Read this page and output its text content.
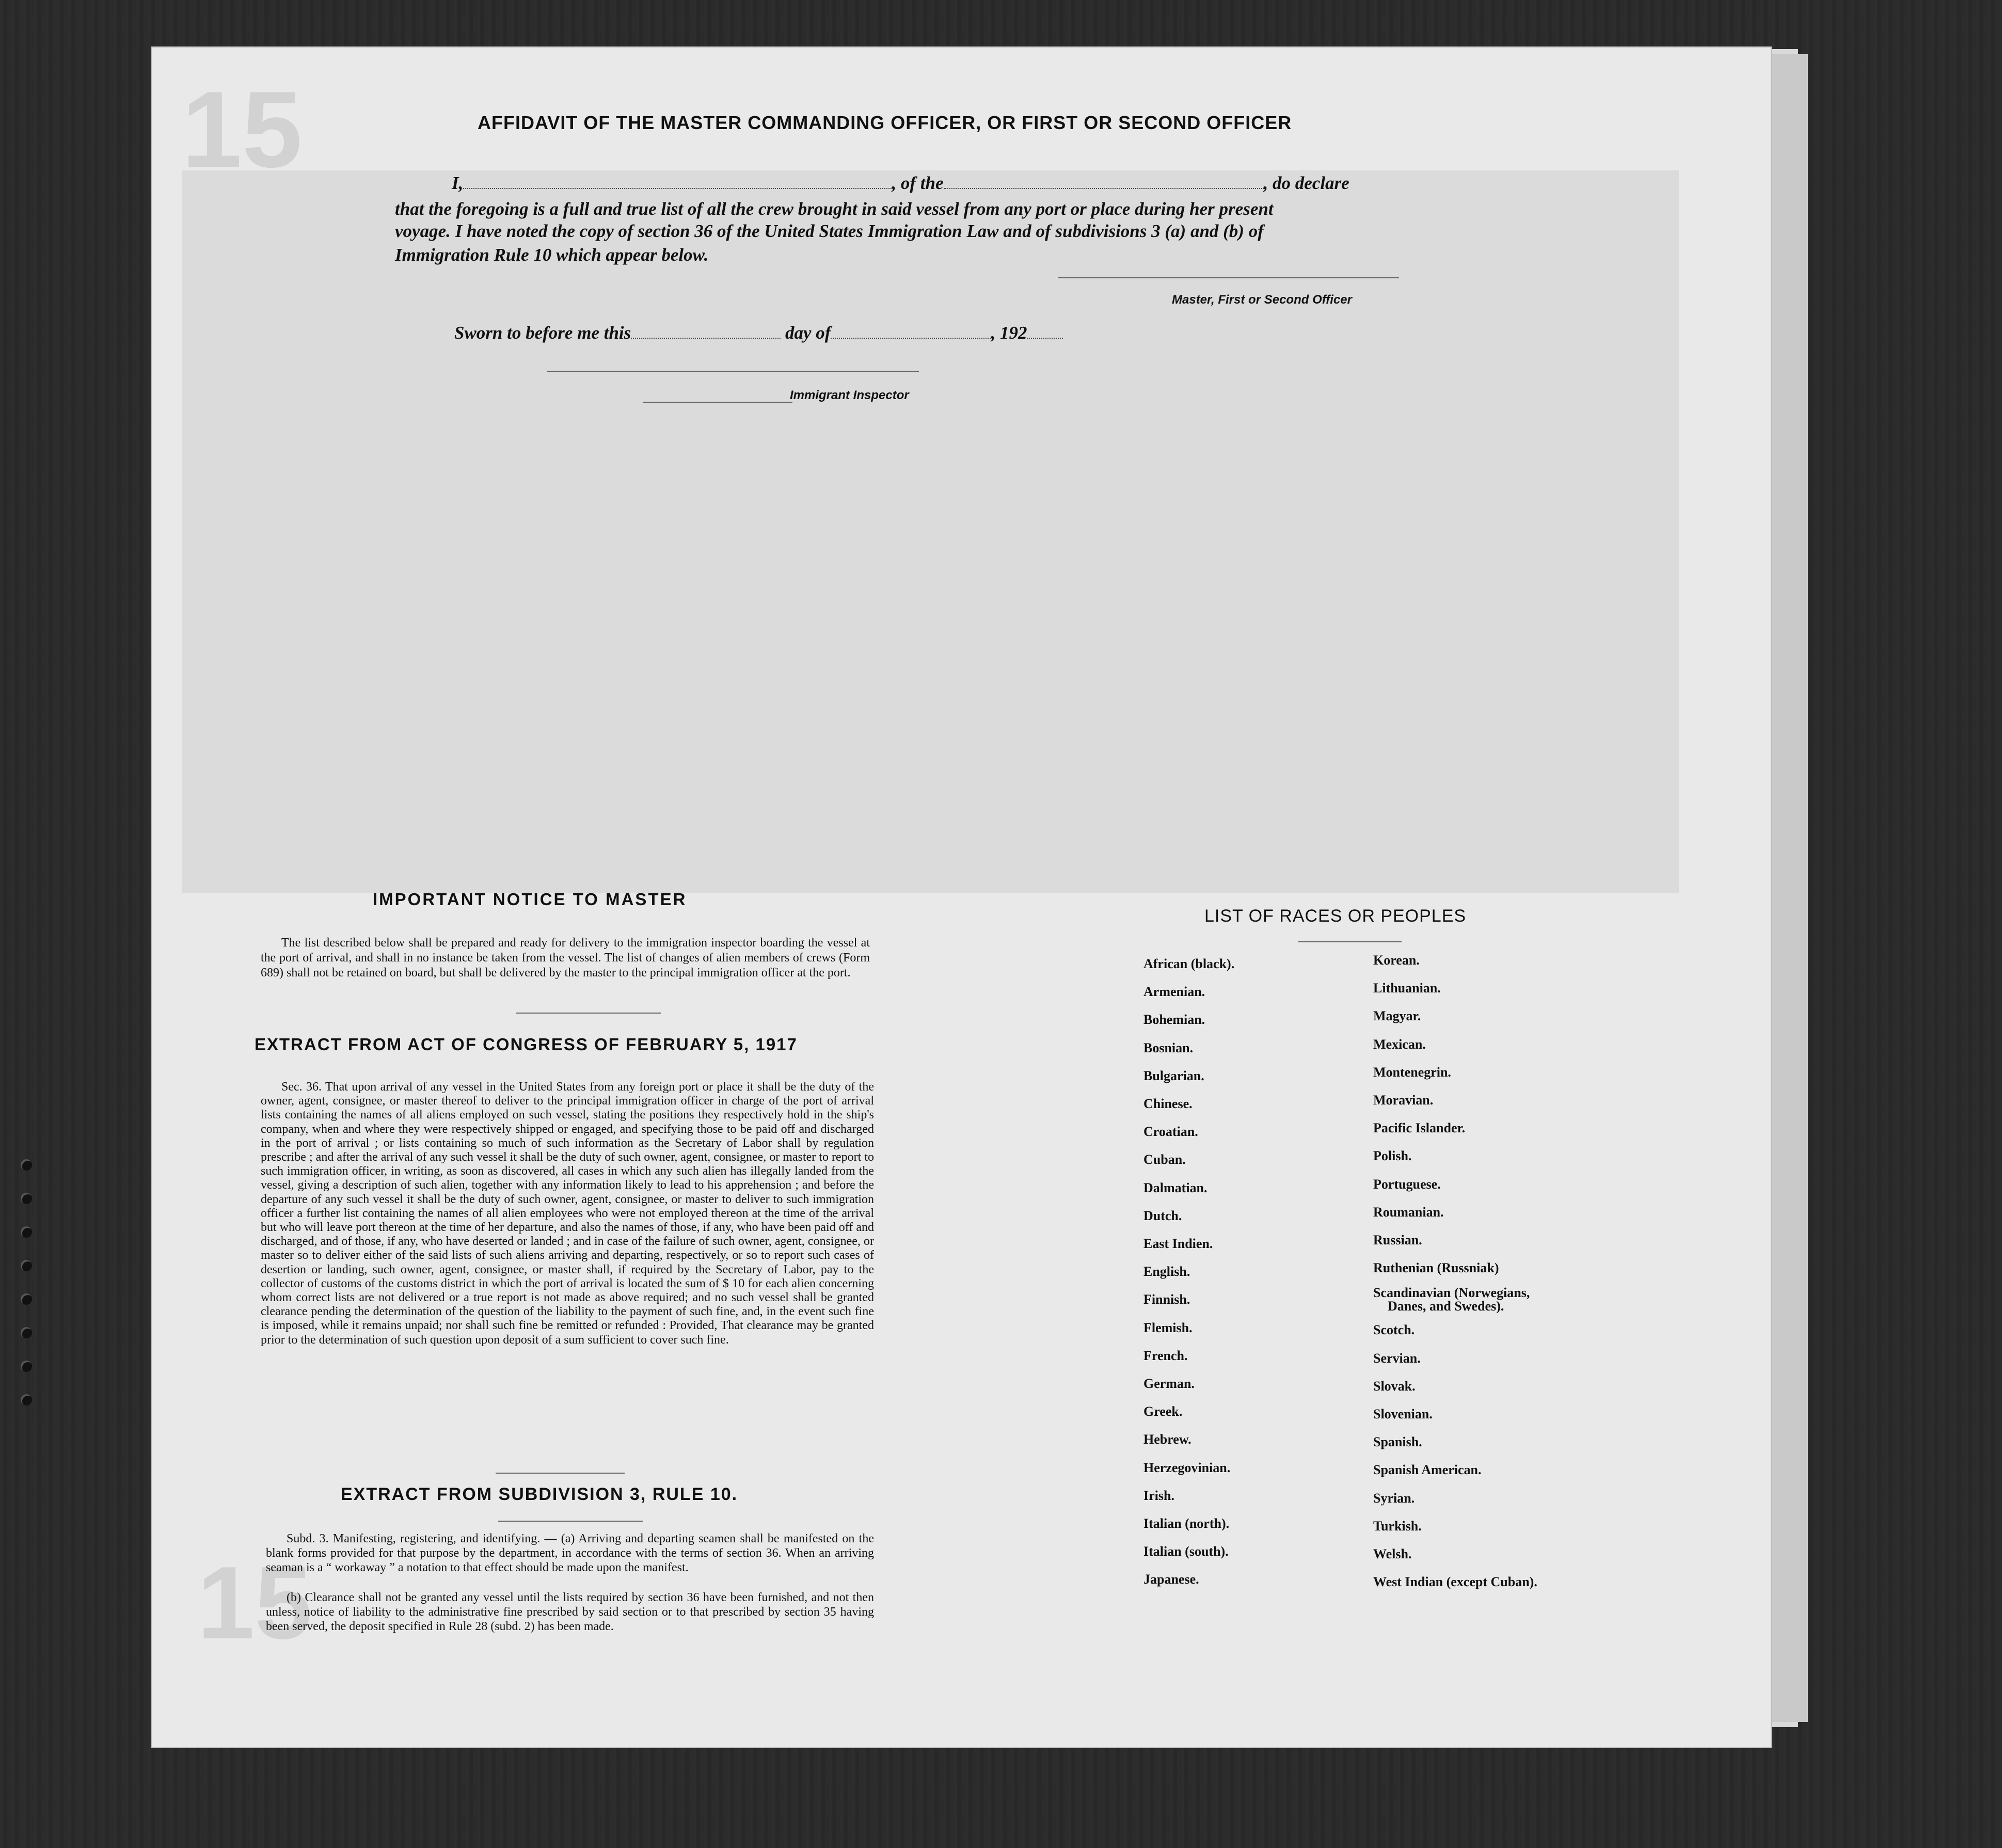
15
15
AFFIDAVIT OF THE MASTER COMMANDING OFFICER, OR FIRST OR SECOND OFFICER
I,	, of the	, do declare
that the foregoing is a full and true list of all the crew brought in said vessel from any port or place during her present
voyage. I have noted the copy of section 36 of the United States Immigration Law and of subdivisions 3 (a) and (b) of
Immigration Rule 10 which appear below.
Master, First or Second Officer
Sworn to before me this	day of	, 192
Immigrant Inspector
IMPORTANT NOTICE TO MASTER
The list described below shall be prepared and ready for delivery to the immigration inspector boarding the vessel at the port of arrival, and shall in no instance be taken from the vessel. The list of changes of alien members of crews (Form 689) shall not be retained on board, but shall be delivered by the master to the principal immigration officer at the port.
EXTRACT FROM ACT OF CONGRESS OF FEBRUARY 5, 1917
Sec. 36. That upon arrival of any vessel in the United States from any foreign port or place it shall be the duty of the owner, agent, consignee, or master thereof to deliver to the principal immigration officer in charge of the port of arrival lists containing the names of all aliens employed on such vessel, stating the positions they respectively hold in the ship's company, when and where they were respectively shipped or engaged, and specifying those to be paid off and discharged in the port of arrival ; or lists containing so much of such information as the Secretary of Labor shall by regulation prescribe ; and after the arrival of any such vessel it shall be the duty of such owner, agent, consignee, or master to report to such immigration officer, in writing, as soon as discovered, all cases in which any such alien has illegally landed from the vessel, giving a description of such alien, together with any information likely to lead to his apprehension ; and before the departure of any such vessel it shall be the duty of such owner, agent, consignee, or master to deliver to such immigration officer a further list containing the names of all alien employees who were not employed thereon at the time of the arrival but who will leave port thereon at the time of her departure, and also the names of those, if any, who have been paid off and discharged, and of those, if any, who have deserted or landed ; and in case of the failure of such owner, agent, consignee, or master so to deliver either of the said lists of such aliens arriving and departing, respectively, or so to report such cases of desertion or landing, such owner, agent, consignee, or master shall, if required by the Secretary of Labor, pay to the collector of customs of the customs district in which the port of arrival is located the sum of $ 10 for each alien concerning whom correct lists are not delivered or a true report is not made as above required; and no such vessel shall be granted clearance pending the determination of the question of the liability to the payment of such fine, and, in the event such fine is imposed, while it remains unpaid; nor shall such fine be remitted or refunded : Provided, That clearance may be granted prior to the determination of such question upon deposit of a sum sufficient to cover such fine.
EXTRACT FROM SUBDIVISION 3, RULE 10.
Subd. 3. Manifesting, registering, and identifying. — (a) Arriving and departing seamen shall be manifested on the blank forms provided for that purpose by the department, in accordance with the terms of section 36. When an arriving seaman is a “ workaway ” a notation to that effect should be made upon the manifest.
(b) Clearance shall not be granted any vessel until the lists required by section 36 have been furnished, and not then unless, notice of liability to the administrative fine prescribed by said section or to that prescribed by section 35 having been served, the deposit specified in Rule 28 (subd. 2) has been made.
LIST OF RACES OR PEOPLES
African (black).
Armenian.
Bohemian.
Bosnian.
Bulgarian.
Chinese.
Croatian.
Cuban.
Dalmatian.
Dutch.
East Indien.
English.
Finnish.
Flemish.
French.
German.
Greek.
Hebrew.
Herzegovinian.
Irish.
Italian (north).
Italian (south).
Japanese.
Korean.
Lithuanian.
Magyar.
Mexican.
Montenegrin.
Moravian.
Pacific Islander.
Polish.
Portuguese.
Roumanian.
Russian.
Ruthenian (Russniak)
Scandinavian (Norwegians,
Danes, and Swedes).
Scotch.
Servian.
Slovak.
Slovenian.
Spanish.
Spanish American.
Syrian.
Turkish.
Welsh.
West Indian (except Cuban).
